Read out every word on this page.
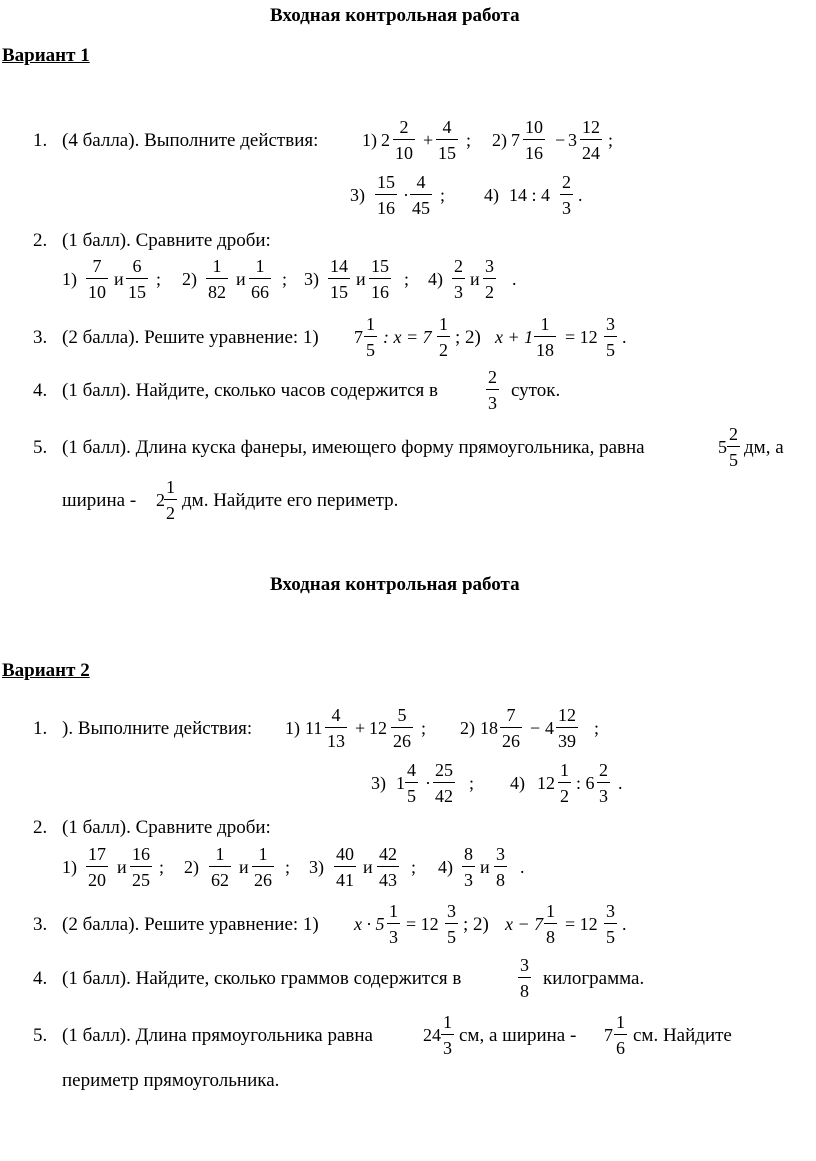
Входная контрольная работа
Вариант 1
1. (4 балла). Выполните действия: 1) 2
2
10
+
4
15
; 2) 7
10
16
− 3
12
24
;
3)
15
16
·
4
45
; 4) 14 : 4
2
3
.
2. (1 балл). Сравните дроби:
1)
7
10
и
6
15
; 2)
1
82
и
1
66
; 3)
14
15
и
15
16
; 4)
2
3
и
3
2
.
3. (2 балла). Решите уравнение: 1) 7
1
5
: x = 7
1
2
; 2) x + 1
1
18
= 12
3
5
.
4. (1 балл). Найдите, сколько часов содержится в
2
3
суток.
5. (1 балл). Длина куска фанеры, имеющего форму прямоугольника, равна	5
2
5
дм, а
ширина - 2
1
2
дм. Найдите его периметр.
Входная контрольная работа
Вариант 2
1. ). Выполните действия: 1) 11
4
13
+ 12
5
26
; 2) 18
7
26
− 4
12
39
;
3) 1
4
5
·
25
42
; 4) 12
1
2
: 6
2
3
.
2. (1 балл). Сравните дроби:
1)
17
20
и
16
25
; 2)
1
62
и
1
26
; 3)
40
41
и
42
43
; 4)
8
3
и
3
8
.
3. (2 балла). Решите уравнение: 1) x · 5
1
3
= 12
3
5
; 2) x − 7
1
8
= 12
3
5
.
4. (1 балл). Найдите, сколько граммов содержится в
3
8
килограмма.
5. (1 балл). Длина прямоугольника равна	24
1
3
см, а ширина - 7
1
6
см. Найдите
периметр прямоугольника.
